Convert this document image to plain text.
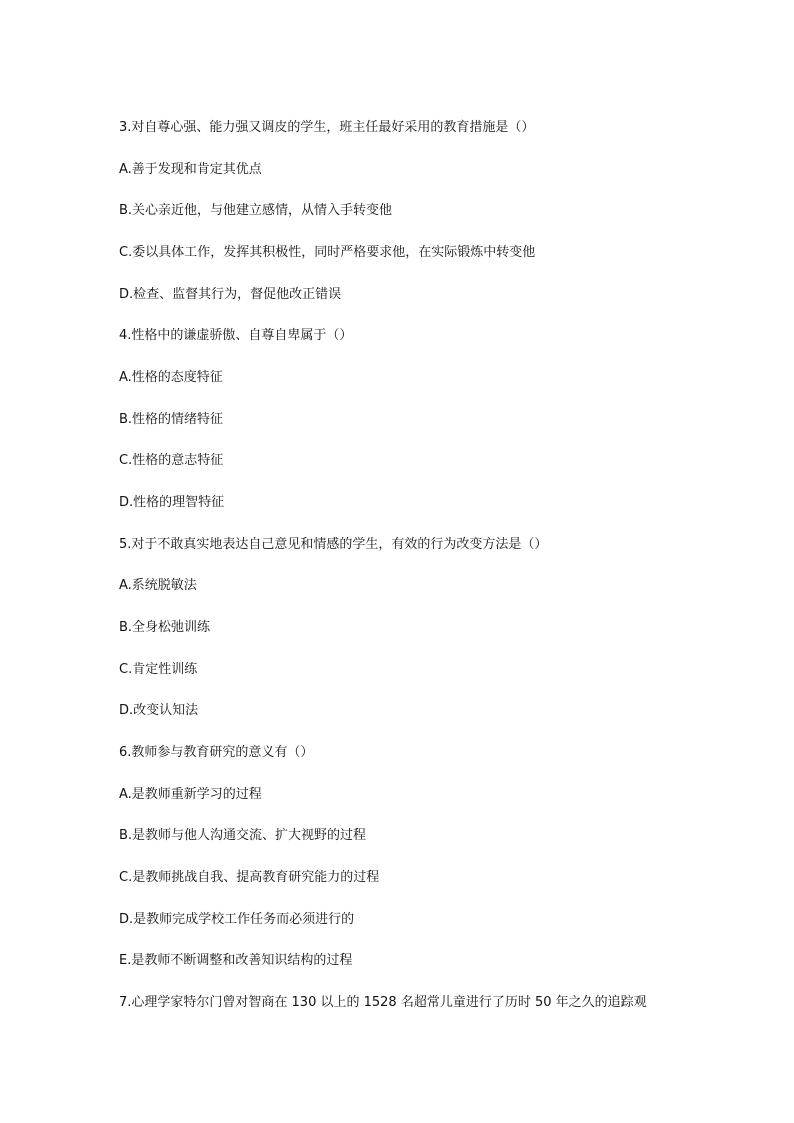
3.对自尊心强、能力强又调皮的学生，班主任最好采用的教育措施是（）
A.善于发现和肯定其优点
B.关心亲近他，与他建立感情，从情入手转变他
C.委以具体工作，发挥其积极性，同时严格要求他，在实际锻炼中转变他
D.检查、监督其行为，督促他改正错误
4.性格中的谦虚骄傲、自尊自卑属于（）
A.性格的态度特征
B.性格的情绪特征
C.性格的意志特征
D.性格的理智特征
5.对于不敢真实地表达自己意见和情感的学生，有效的行为改变方法是（）
A.系统脱敏法
B.全身松弛训练
C.肯定性训练
D.改变认知法
6.教师参与教育研究的意义有（）
A.是教师重新学习的过程
B.是教师与他人沟通交流、扩大视野的过程
C.是教师挑战自我、提高教育研究能力的过程
D.是教师完成学校工作任务而必须进行的
E.是教师不断调整和改善知识结构的过程
7.心理学家特尔门曾对智商在 130 以上的 1528 名超常儿童进行了历时 50 年之久的追踪观
